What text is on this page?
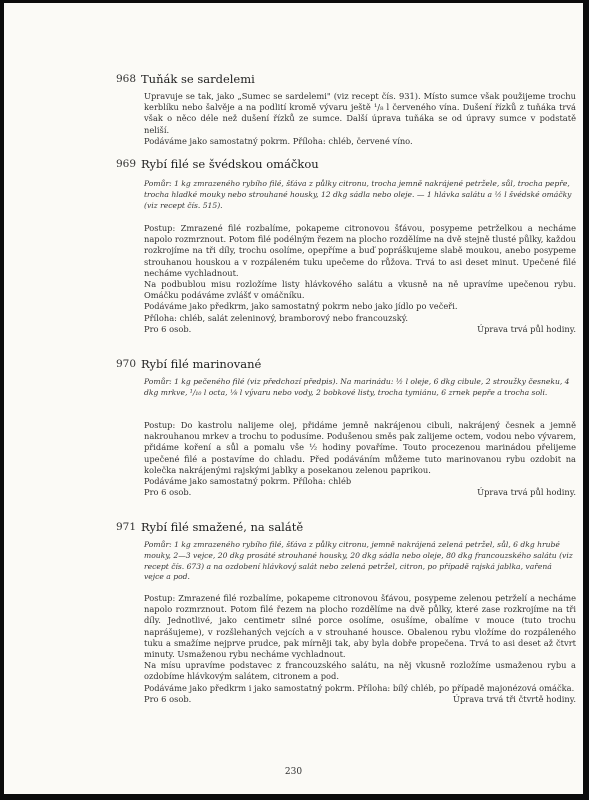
968 Tuňák se sardelemi

Upravuje se tak, jako „Sumec se sardelemi" (viz recept čís. 931). Místo sumce však použijeme trochu kerblíku nebo šalvěje a na podlití kromě vývaru ještě ¹/₈ l červeného vína. Dušení řízků z tuňáka trvá však o něco déle než dušení řízků ze sumce. Další úprava tuňáka se od úpravy sumce v podstatě neliší.

Podáváme jako samostatný pokrm. Příloha: chléb, červené víno.

969 Rybí filé se švédskou omáčkou
Pomůr: 1 kg zmrazeného rybího filé, šťáva z půlky citronu, trocha jemně nakrájené petržele, sůl, trocha pepře, trocha hladké mouky nebo strouhané housky, 12 dkg sádla nebo oleje. — 1 hlávka salátu a ½ l švédské omáčky (viz recept čís. 515).

Postup: Zmrazené filé rozbalíme, pokapeme citronovou šťávou, posypeme petrželkou a necháme napolo rozmrznout. Potom filé podélným řezem na plocho rozdělíme na dvě stejně tlusté půlky, každou rozkrojíme na tři díly, trochu osolíme, opepříme a buď popráškujeme slabě moukou, anebo posypeme strouhanou houskou a v rozpáleném tuku upečeme do růžova. Trvá to asi deset minut. Upečené filé necháme vychladnout.

Na podbublou misu rozložíme listy hlávkového salátu a vkusně na ně upravíme upečenou rybu. Omáčku podáváme zvlášť v omáčníku.

Podáváme jako předkrm, jako samostatný pokrm nebo jako jídlo po večeři.

Příloha: chléb, salát zeleninový, bramborový nebo francouzský.

Pro 6 osob.	Úprava trvá půl hodiny.
970 Rybí filé marinované
Pomůr: 1 kg pečeného filé (viz předchozí předpis). Na marinádu: ½ l oleje, 6 dkg cibule, 2 stroužky česneku, 4 dkg mrkve, ¹/₁₀ l octa, ⅛ l vývaru nebo vody, 2 bobkové listy, trocha tymiánu, 6 zrnek pepře a trocha soli.

Postup: Do kastrolu nalijeme olej, přidáme jemně nakrájenou cibuli, nakrájený česnek a jemně nakrouhanou mrkev a trochu to podusíme. Podušenou směs pak zalijeme octem, vodou nebo vývarem, přidáme koření a sůl a pomalu vše ½ hodiny povaříme. Touto procezenou marinádou přelijeme upečené filé a postavíme do chladu. Před podáváním můžeme tuto marinovanou rybu ozdobit na kolečka nakrájenými rajskými jablky a posekanou zelenou paprikou.

Podáváme jako samostatný pokrm. Příloha: chléb

Pro 6 osob.	Úprava trvá půl hodiny.
971 Rybí filé smažené, na salátě
Pomůr: 1 kg zmrazeného rybího filé, šťáva z půlky citronu, jemně nakrájená zelená petržel, sůl, 6 dkg hrubé mouky, 2—3 vejce, 20 dkg prosáté strouhané housky, 20 dkg sádla nebo oleje, 80 dkg francouzského salátu (viz recept čís. 673) a na ozdobení hlávkový salát nebo zelená petržel, citron, po případě rajská jablka, vařená vejce a pod.

Postup: Zmrazené filé rozbalíme, pokapeme citronovou šťávou, posypeme zelenou petrželí a necháme napolo rozmrznout. Potom filé řezem na plocho rozdělíme na dvě půlky, které zase rozkrojíme na tři díly. Jednotlivé, jako centimetr silné porce osolíme, osušíme, obalíme v mouce (tuto trochu naprášujeme), v rozšlehaných vejcích a v strouhané housce. Obalenou rybu vložíme do rozpáleného tuku a smažíme nejprve prudce, pak mírněji tak, aby byla dobře propečena. Trvá to asi deset až čtvrt minuty. Usmaženou rybu necháme vychladnout.

Na mísu upravíme podstavec z francouzského salátu, na něj vkusně rozložíme usmaženou rybu a ozdobíme hlávkovým salátem, citronem a pod.

Podáváme jako předkrm i jako samostatný pokrm. Příloha: bílý chléb, po případě majonézová omáčka.

Pro 6 osob.	Úprava trvá tři čtvrtě hodiny.
230
